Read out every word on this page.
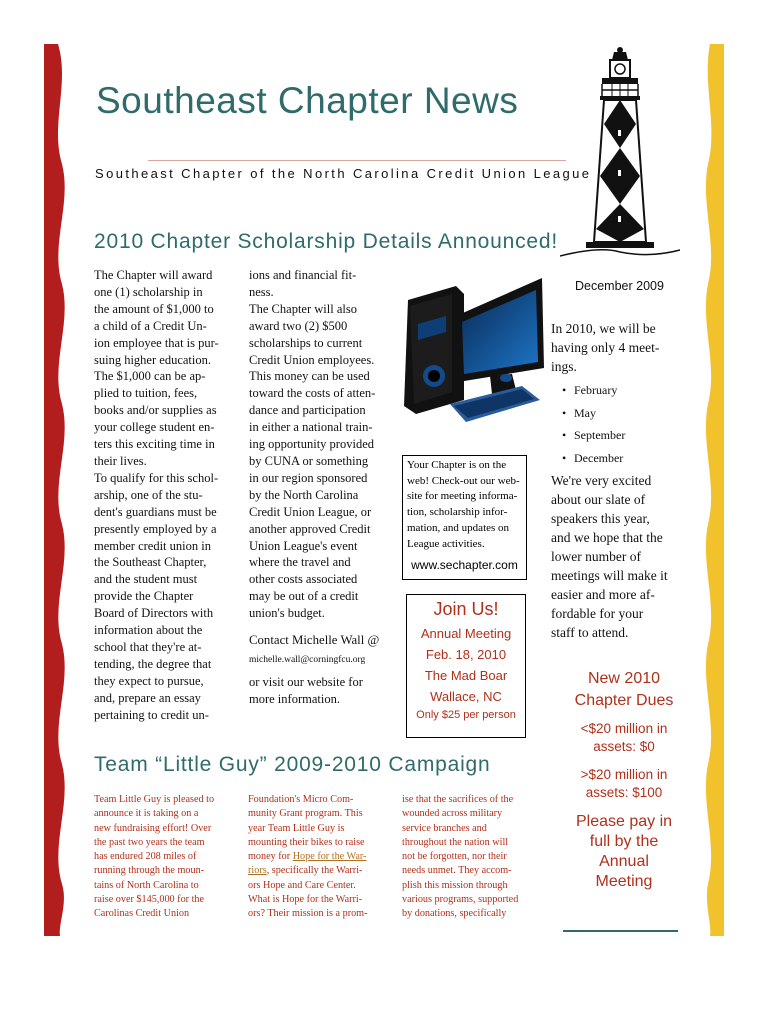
Southeast Chapter News
Southeast Chapter of the North Carolina Credit Union League
2010 Chapter Scholarship Details Announced!
The Chapter will award
one (1) scholarship in
the amount of $1,000 to
a child of a Credit Un-
ion employee that is pur-
suing higher education.
The $1,000 can be ap-
plied to tuition, fees,
books and/or supplies as
your college student en-
ters this exciting time in
their lives.
To qualify for this schol-
arship, one of the stu-
dent's guardians must be
presently employed by a
member credit union in
the Southeast Chapter,
and the student must
provide the Chapter
Board of Directors with
information about the
school that they're at-
tending, the degree that
they expect to pursue,
and, prepare an essay
pertaining to credit un-
ions and financial fit-
ness.
The Chapter will also
award two (2) $500
scholarships to current
Credit Union employees.
This money can be used
toward the costs of atten-
dance and participation
in either a national train-
ing opportunity provided
by CUNA or something
in our region sponsored
by the North Carolina
Credit Union League, or
another approved Credit
Union League's event
where the travel and
other costs associated
may be out of a credit
union's budget.
Contact Michelle Wall @
michelle.wall@corningfcu.org
or visit our website for
more information.
Your Chapter is on the
web! Check-out our web-
site for meeting informa-
tion, scholarship infor-
mation, and updates on
League activities.
www.sechapter.com
Join Us!
Annual Meeting
Feb. 18, 2010
The Mad Boar
Wallace, NC
Only $25 per person
December 2009
In 2010, we will be
having only 4 meet-
ings.
• February
• May
• September
• December
We're very excited
about our slate of
speakers this year,
and we hope that the
lower number of
meetings will make it
easier and more af-
fordable for your
staff to attend.
New 2010
Chapter Dues
<$20 million in
assets: $0
>$20 million in
assets: $100
Please pay in
full by the
Annual
Meeting
Team “Little Guy” 2009-2010 Campaign
Team Little Guy is pleased to
announce it is taking on a
new fundraising effort! Over
the past two years the team
has endured 208 miles of
running through the moun-
tains of North Carolina to
raise over $145,000 for the
Carolinas Credit Union
Foundation's Micro Com-
munity Grant program. This
year Team Little Guy is
mounting their bikes to raise
money for Hope for the War-
riors, specifically the Warri-
ors Hope and Care Center.
What is Hope for the Warri-
ors? Their mission is a prom-
ise that the sacrifices of the
wounded across military
service branches and
throughout the nation will
not be forgotten, nor their
needs unmet. They accom-
plish this mission through
various programs, supported
by donations, specifically
